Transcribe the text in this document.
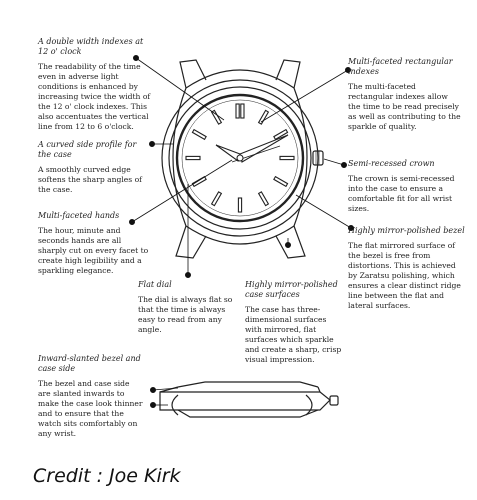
A double width indexes at 12 o' clock
The readability of the time even in adverse light conditions is enhanced by increasing twice the width of the 12 o' clock indexes. This also accentuates the vertical line from 12 to 6 o'clock.
A curved side profile for the case
A smoothly curved edge softens the sharp angles of the case.
Multi-faceted hands
The hour, minute and seconds hands are all sharply cut on every facet to create high legibility and a sparkling elegance.
Multi-faceted rectangular indexes
The multi-faceted rectangular indexes allow the time to be read precisely as well as contributing to the sparkle of quality.
Semi-recessed crown
The crown is semi-recessed into the case to ensure a comfortable fit for all wrist sizes.
Highly mirror-polished bezel
The flat mirrored surface of the bezel is free from distortions. This is achieved by Zaratsu polishing, which ensures a clear distinct ridge line between the flat and lateral surfaces.
Flat dial
The dial is always flat so that the time is always easy to read from any angle.
Highly mirror-polished case surfaces
The case has three-dimensional surfaces with mirrored, flat surfaces which sparkle and create a sharp, crisp visual impression.
Inward-slanted bezel and case side
The bezel and case side are slanted inwards to make the case look thinner and to ensure that the watch sits comfortably on any wrist.
Credit : Joe Kirk
